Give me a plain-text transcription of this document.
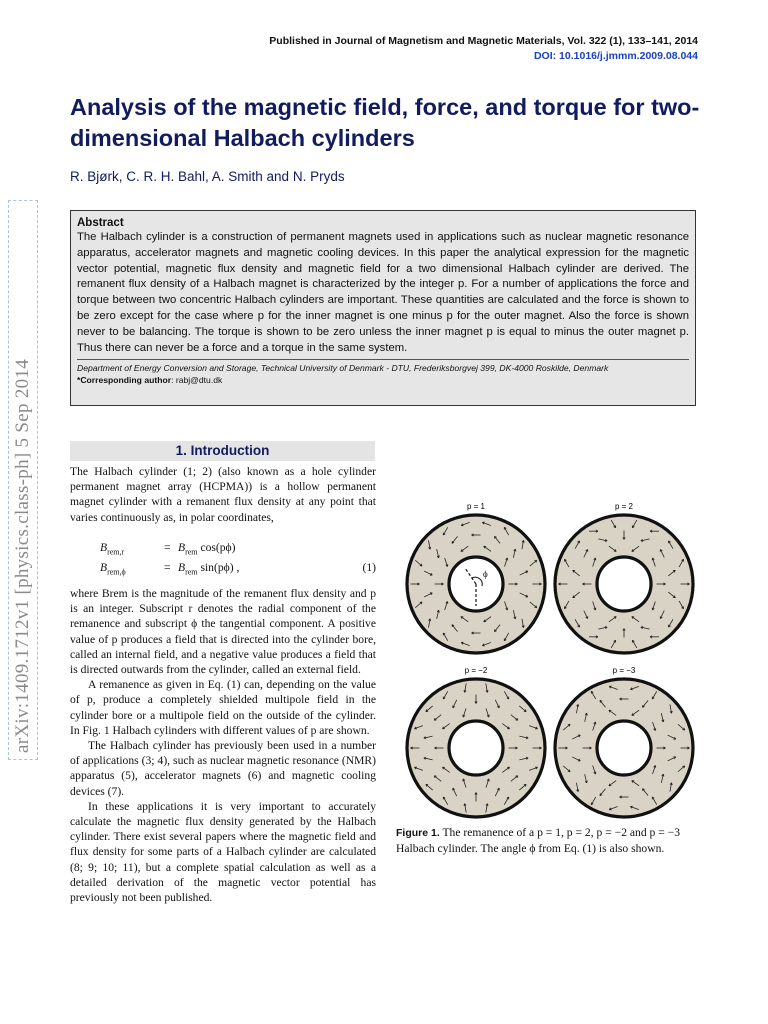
Published in Journal of Magnetism and Magnetic Materials, Vol. 322 (1), 133–141, 2014
DOI: 10.1016/j.jmmm.2009.08.044
Analysis of the magnetic field, force, and torque for two-dimensional Halbach cylinders
R. Bjørk, C. R. H. Bahl, A. Smith and N. Pryds
arXiv:1409.1712v1 [physics.class-ph] 5 Sep 2014
Abstract
The Halbach cylinder is a construction of permanent magnets used in applications such as nuclear magnetic resonance apparatus, accelerator magnets and magnetic cooling devices. In this paper the analytical expression for the magnetic vector potential, magnetic flux density and magnetic field for a two dimensional Halbach cylinder are derived. The remanent flux density of a Halbach magnet is characterized by the integer p. For a number of applications the force and torque between two concentric Halbach cylinders are important. These quantities are calculated and the force is shown to be zero except for the case where p for the inner magnet is one minus p for the outer magnet. Also the force is shown never to be balancing. The torque is shown to be zero unless the inner magnet p is equal to minus the outer magnet p. Thus there can never be a force and a torque in the same system.
Department of Energy Conversion and Storage, Technical University of Denmark - DTU, Frederiksborgvej 399, DK-4000 Roskilde, Denmark
*Corresponding author: rabj@dtu.dk
1. Introduction

The Halbach cylinder (1; 2) (also known as a hole cylinder permanent magnet array (HCPMA)) is a hollow permanent magnet cylinder with a remanent flux density at any point that varies continuously as, in polar coordinates,

$B_{rem,r}$	= $B_{rem}$ cos(pϕ)
$B_{rem,\phi}$	= $B_{rem}$ sin(pϕ) ,	(1)

where Brem is the magnitude of the remanent flux density and p is an integer. Subscript r denotes the radial component of the remanence and subscript ϕ the tangential component. A positive value of p produces a field that is directed into the cylinder bore, called an internal field, and a negative value produces a field that is directed outwards from the cylinder, called an external field.

A remanence as given in Eq. (1) can, depending on the value of p, produce a completely shielded multipole field in the cylinder bore or a multipole field on the outside of the cylinder. In Fig. 1 Halbach cylinders with different values of p are shown.

The Halbach cylinder has previously been used in a number of applications (3; 4), such as nuclear magnetic resonance (NMR) apparatus (5), accelerator magnets (6) and magnetic cooling devices (7).

In these applications it is very important to accurately calculate the magnetic flux density generated by the Halbach cylinder. There exist several papers where the magnetic field and flux density for some parts of a Halbach cylinder are calculated (8; 9; 10; 11), but a complete spatial calculation as well as a detailed derivation of the magnetic vector potential has previously not been published.

p = 1
ϕ
p = 2
p = −2	p = −3
Figure 1. The remanence of a p = 1, p = 2, p = −2 and p = −3 Halbach cylinder. The angle ϕ from Eq. (1) is also shown.
